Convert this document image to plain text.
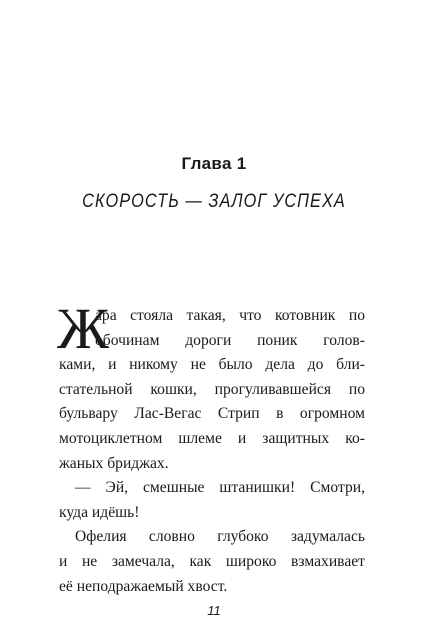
Глава 1
СКОРОСТЬ — ЗАЛОГ УСПЕХА
Ж
ара стояла такая, что котовник по
обочинам дороги поник голов-
ками, и никому не было дела до бли-
стательной кошки, прогуливавшейся по
бульвару Лас-Вегас Стрип в огромном
мотоциклетном шлеме и защитных ко-
жаных бриджах.
— Эй, смешные штанишки! Смотри,
куда идёшь!
Офелия словно глубоко задумалась
и не замечала, как широко взмахивает
её неподражаемый хвост.
11
